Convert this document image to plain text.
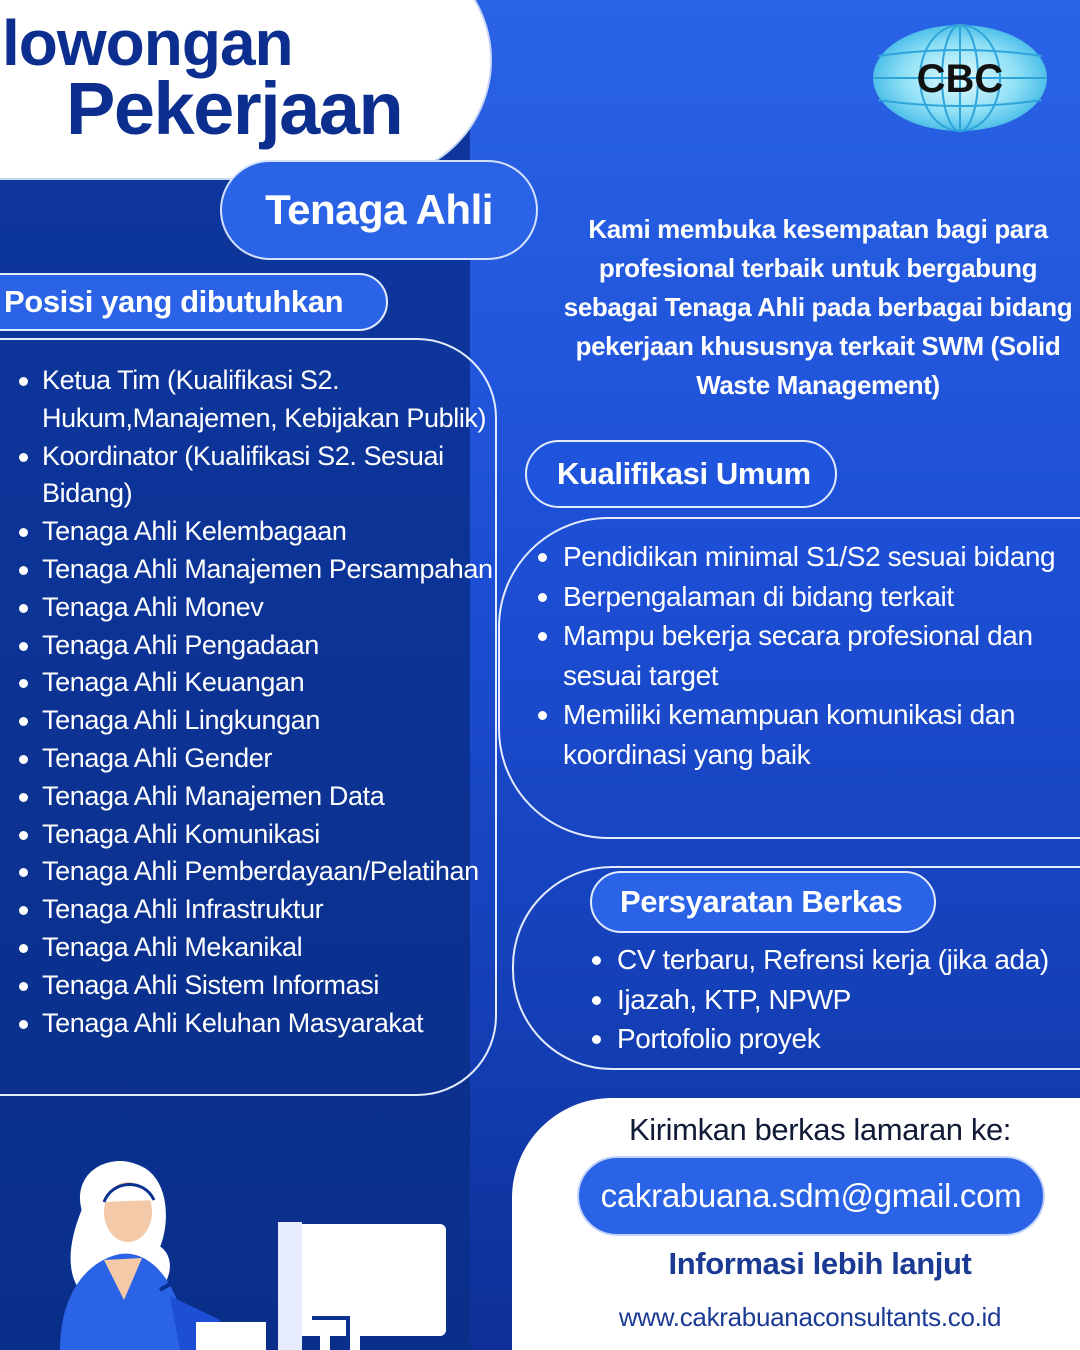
lowongan
Pekerjaan
Tenaga Ahli
CBC
Kami membuka kesempatan bagi para profesional terbaik untuk bergabung sebagai Tenaga Ahli pada berbagai bidang pekerjaan khususnya terkait SWM (Solid Waste Management)
Posisi yang dibutuhkan
Ketua Tim (Kualifikasi S2. Hukum,Manajemen, Kebijakan Publik)
Koordinator (Kualifikasi S2. Sesuai Bidang)
Tenaga Ahli Kelembagaan
Tenaga Ahli Manajemen Persampahan
Tenaga Ahli Monev
Tenaga Ahli Pengadaan
Tenaga Ahli Keuangan
Tenaga Ahli Lingkungan
Tenaga Ahli Gender
Tenaga Ahli Manajemen Data
Tenaga Ahli Komunikasi
Tenaga Ahli Pemberdayaan/Pelatihan
Tenaga Ahli Infrastruktur
Tenaga Ahli Mekanikal
Tenaga Ahli Sistem Informasi
Tenaga Ahli Keluhan Masyarakat
Kualifikasi Umum
Pendidikan minimal S1/S2 sesuai bidang
Berpengalaman di bidang terkait
Mampu bekerja secara profesional dan sesuai target
Memiliki kemampuan komunikasi dan koordinasi yang baik
Persyaratan Berkas
CV terbaru, Refrensi kerja (jika ada)
Ijazah, KTP, NPWP
Portofolio proyek
Kirimkan berkas lamaran ke:
cakrabuana.sdm@gmail.com
Informasi lebih lanjut
www.cakrabuanaconsultants.co.id
